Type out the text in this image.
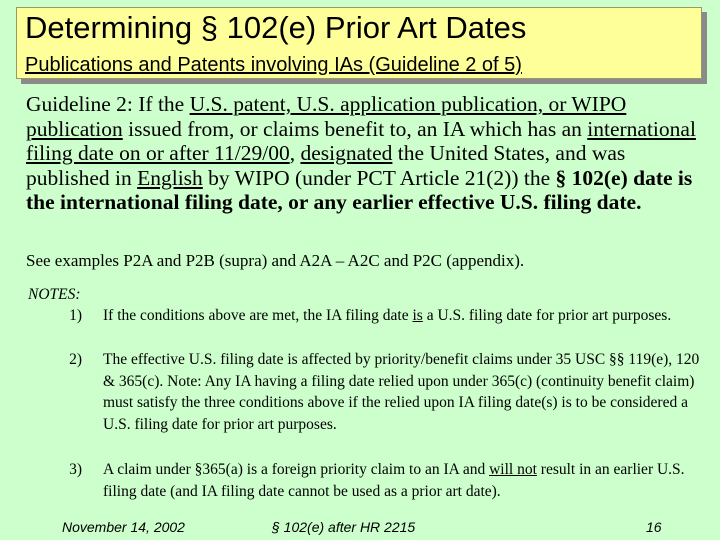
Determining § 102(e) Prior Art Dates
Publications and Patents involving IAs (Guideline 2 of 5)
Guideline 2: If the U.S. patent, U.S. application publication, or WIPO publication issued from, or claims benefit to, an IA which has an international filing date on or after 11/29/00, designated the United States, and was published in English by WIPO (under PCT Article 21(2)) the § 102(e) date is the international filing date, or any earlier effective U.S. filing date.
See examples P2A and P2B (supra) and A2A – A2C and P2C (appendix).
NOTES:
1) If the conditions above are met, the IA filing date is a U.S. filing date for prior art purposes.
2) The effective U.S. filing date is affected by priority/benefit claims under 35 USC §§ 119(e), 120 & 365(c). Note: Any IA having a filing date relied upon under 365(c) (continuity benefit claim) must satisfy the three conditions above if the relied upon IA filing date(s) is to be considered a U.S. filing date for prior art purposes.
3) A claim under §365(a) is a foreign priority claim to an IA and will not result in an earlier U.S. filing date (and IA filing date cannot be used as a prior art date).
November 14, 2002	§ 102(e) after HR 2215	16
